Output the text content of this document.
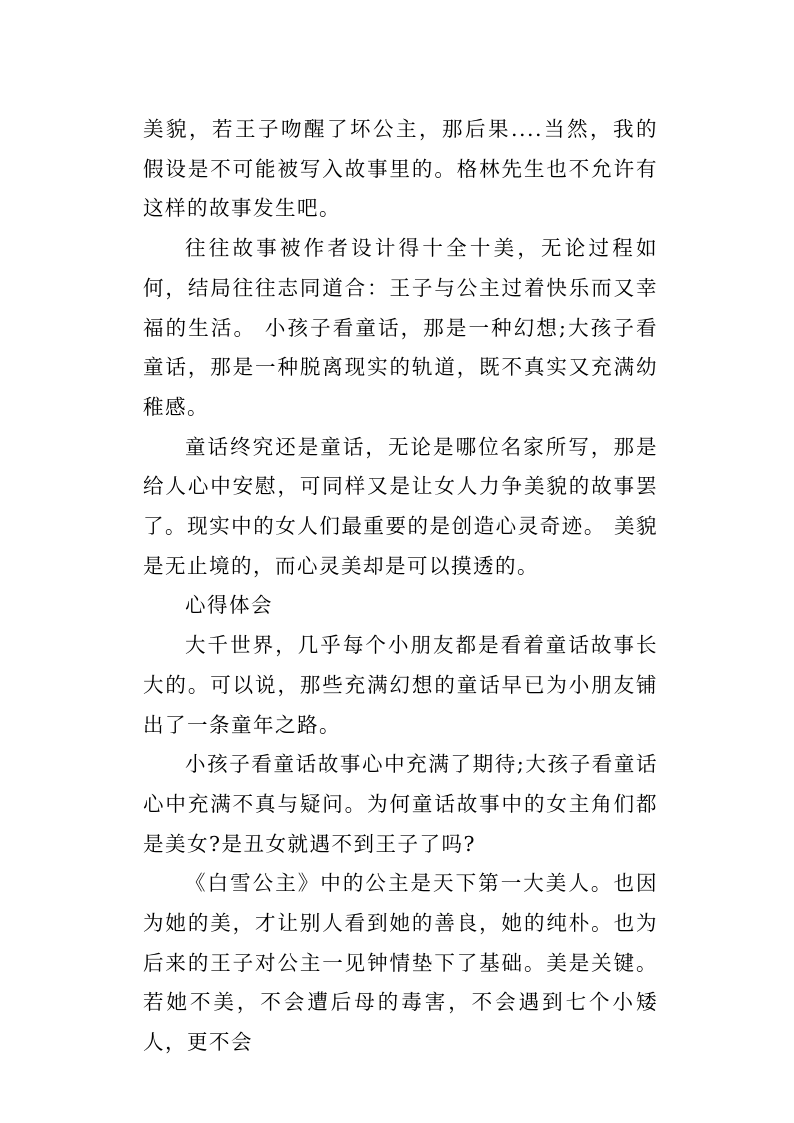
美貌，若王子吻醒了坏公主，那后果....当然，我的假设是不可能被写入故事里的。格林先生也不允许有这样的故事发生吧。

往往故事被作者设计得十全十美，无论过程如何，结局往往志同道合：王子与公主过着快乐而又幸福的生活。 小孩子看童话，那是一种幻想;大孩子看童话，那是一种脱离现实的轨道，既不真实又充满幼稚感。

童话终究还是童话，无论是哪位名家所写，那是给人心中安慰，可同样又是让女人力争美貌的故事罢了。现实中的女人们最重要的是创造心灵奇迹。 美貌是无止境的，而心灵美却是可以摸透的。

心得体会

大千世界，几乎每个小朋友都是看着童话故事长大的。可以说，那些充满幻想的童话早已为小朋友铺出了一条童年之路。

小孩子看童话故事心中充满了期待;大孩子看童话心中充满不真与疑问。为何童话故事中的女主角们都是美女?是丑女就遇不到王子了吗?

《白雪公主》中的公主是天下第一大美人。也因为她的美，才让别人看到她的善良，她的纯朴。也为后来的王子对公主一见钟情垫下了基础。美是关键。若她不美，不会遭后母的毒害，不会遇到七个小矮人，更不会
